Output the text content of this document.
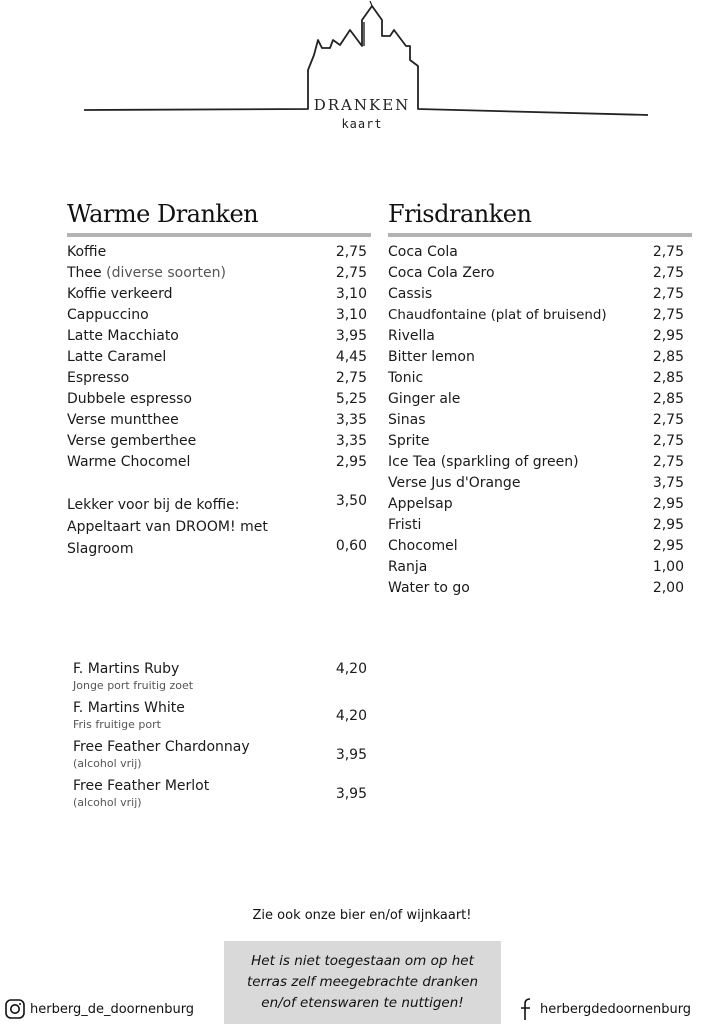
DRANKEN
kaart
Warme Dranken
Koffie	2,75
Thee (diverse soorten)	2,75
Koffie verkeerd	3,10
Cappuccino	3,10
Latte Macchiato	3,95
Latte Caramel	4,45
Espresso	2,75
Dubbele espresso	5,25
Verse muntthee	3,35
Verse gemberthee	3,35
Warme Chocomel	2,95
Lekker voor bij de koffie:	3,50
Appeltaart van DROOM! met
Slagroom	0,60
Frisdranken
Coca Cola	2,75
Coca Cola Zero	2,75
Cassis	2,75
Chaudfontaine (plat of bruisend)	2,75
Rivella	2,95
Bitter lemon	2,85
Tonic	2,85
Ginger ale	2,85
Sinas	2,75
Sprite	2,75
Ice Tea (sparkling of green)	2,75
Verse Jus d'Orange	3,75
Appelsap	2,95
Fristi	2,95
Chocomel	2,95
Ranja	1,00
Water to go	2,00
F. Martins Ruby
Jonge port fruitig zoet
4,20
F. Martins White
Fris fruitige port
4,20
Free Feather Chardonnay
(alcohol vrij)
3,95
Free Feather Merlot
(alcohol vrij)
3,95
Zie ook onze bier en/of wijnkaart!
Het is niet toegestaan om op het
terras zelf meegebrachte dranken
en/of etenswaren te nuttigen!
herberg_de_doornenburg	herbergdedoornenburg
